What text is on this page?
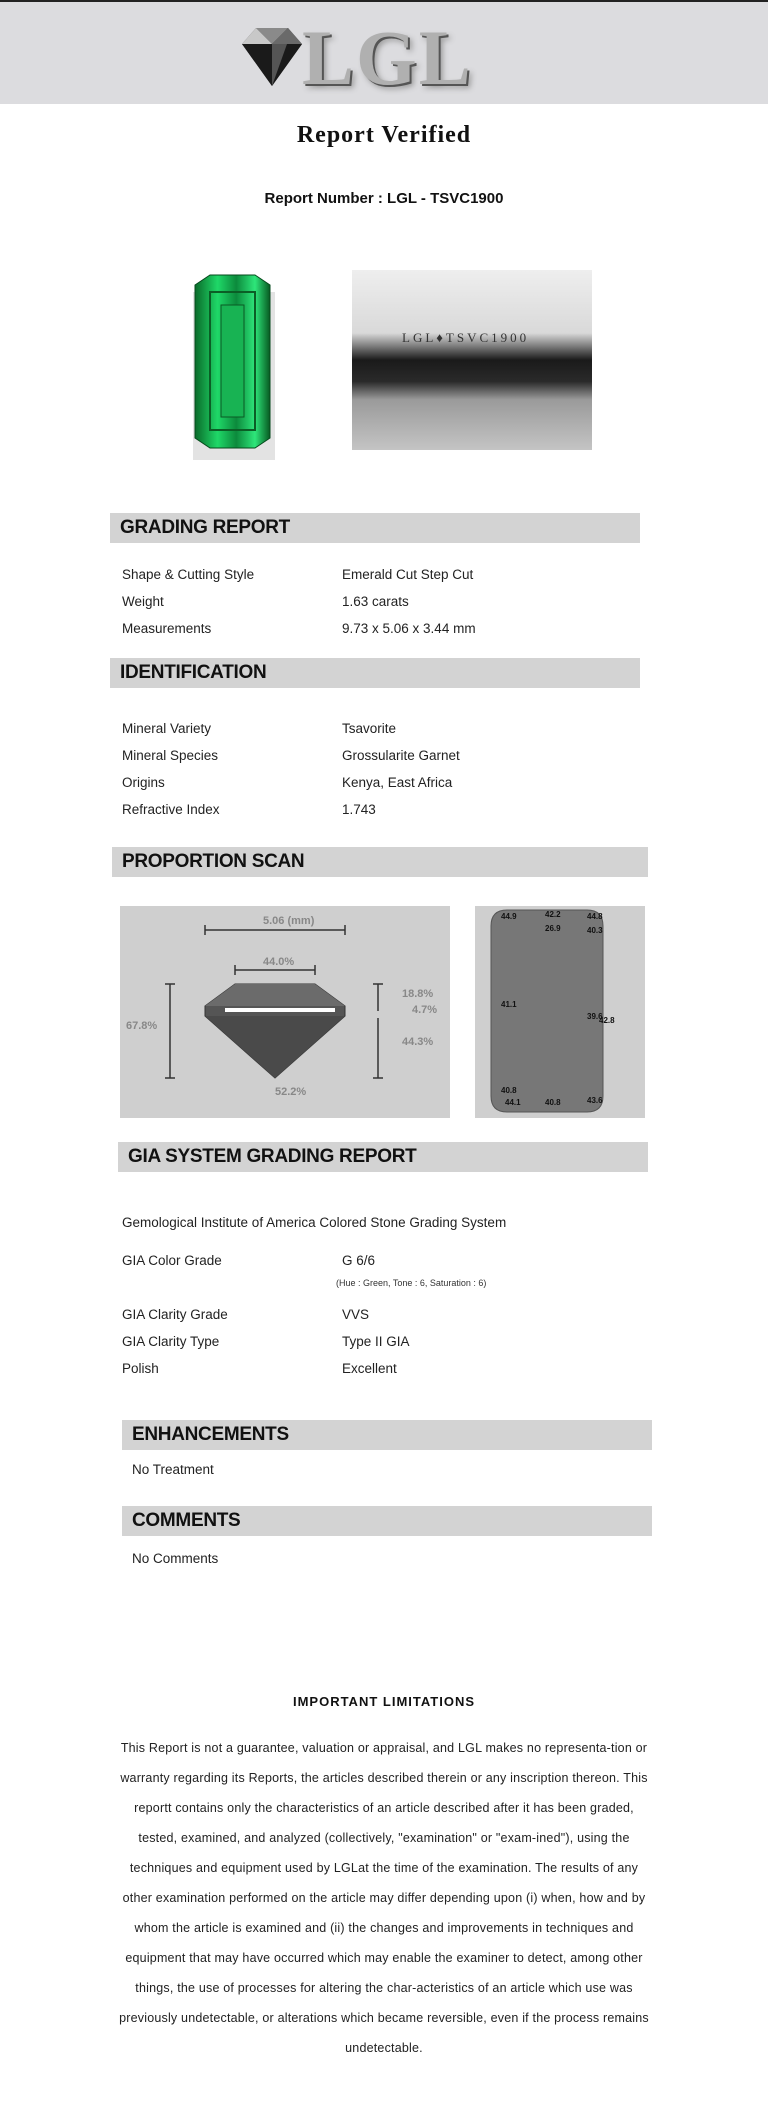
LGL
Report Verified
Report Number : LGL - TSVC1900
LGL♦TSVC1900
GRADING REPORT
Shape & Cutting Style	Emerald Cut Step Cut
Weight	1.63 carats
Measurements	9.73 x 5.06 x 3.44 mm
IDENTIFICATION
Mineral Variety	Tsavorite
Mineral Species	Grossularite Garnet
Origins	Kenya, East Africa
Refractive Index	1.743
PROPORTION SCAN
5.06 (mm)
44.0%
67.8%
18.8%
4.7%
44.3%
52.2%
44.9	42.2	44.8
26.9	40.3
41.1
39.6
42.8
40.8
44.1	40.8	43.6
GIA SYSTEM GRADING REPORT
Gemological Institute of America Colored Stone Grading System
GIA Color Grade	G 6/6
(Hue : Green, Tone : 6, Saturation : 6)
GIA Clarity Grade	VVS
GIA Clarity Type	Type II GIA
Polish	Excellent
ENHANCEMENTS
No Treatment
COMMENTS
No Comments
IMPORTANT LIMITATIONS
This Report is not a guarantee, valuation or appraisal, and LGL makes no representa-tion or warranty regarding its Reports, the articles described therein or any inscription thereon. This reportt contains only the characteristics of an article described after it has been graded, tested, examined, and analyzed (collectively, "examination" or "exam-ined"), using the techniques and equipment used by LGLat the time of the examination. The results of any other examination performed on the article may differ depending upon (i) when, how and by whom the article is examined and (ii) the changes and improvements in techniques and equipment that may have occurred which may enable the examiner to detect, among other things, the use of processes for altering the char-acteristics of an article which use was previously undetectable, or alterations which became reversible, even if the process remains undetectable.
